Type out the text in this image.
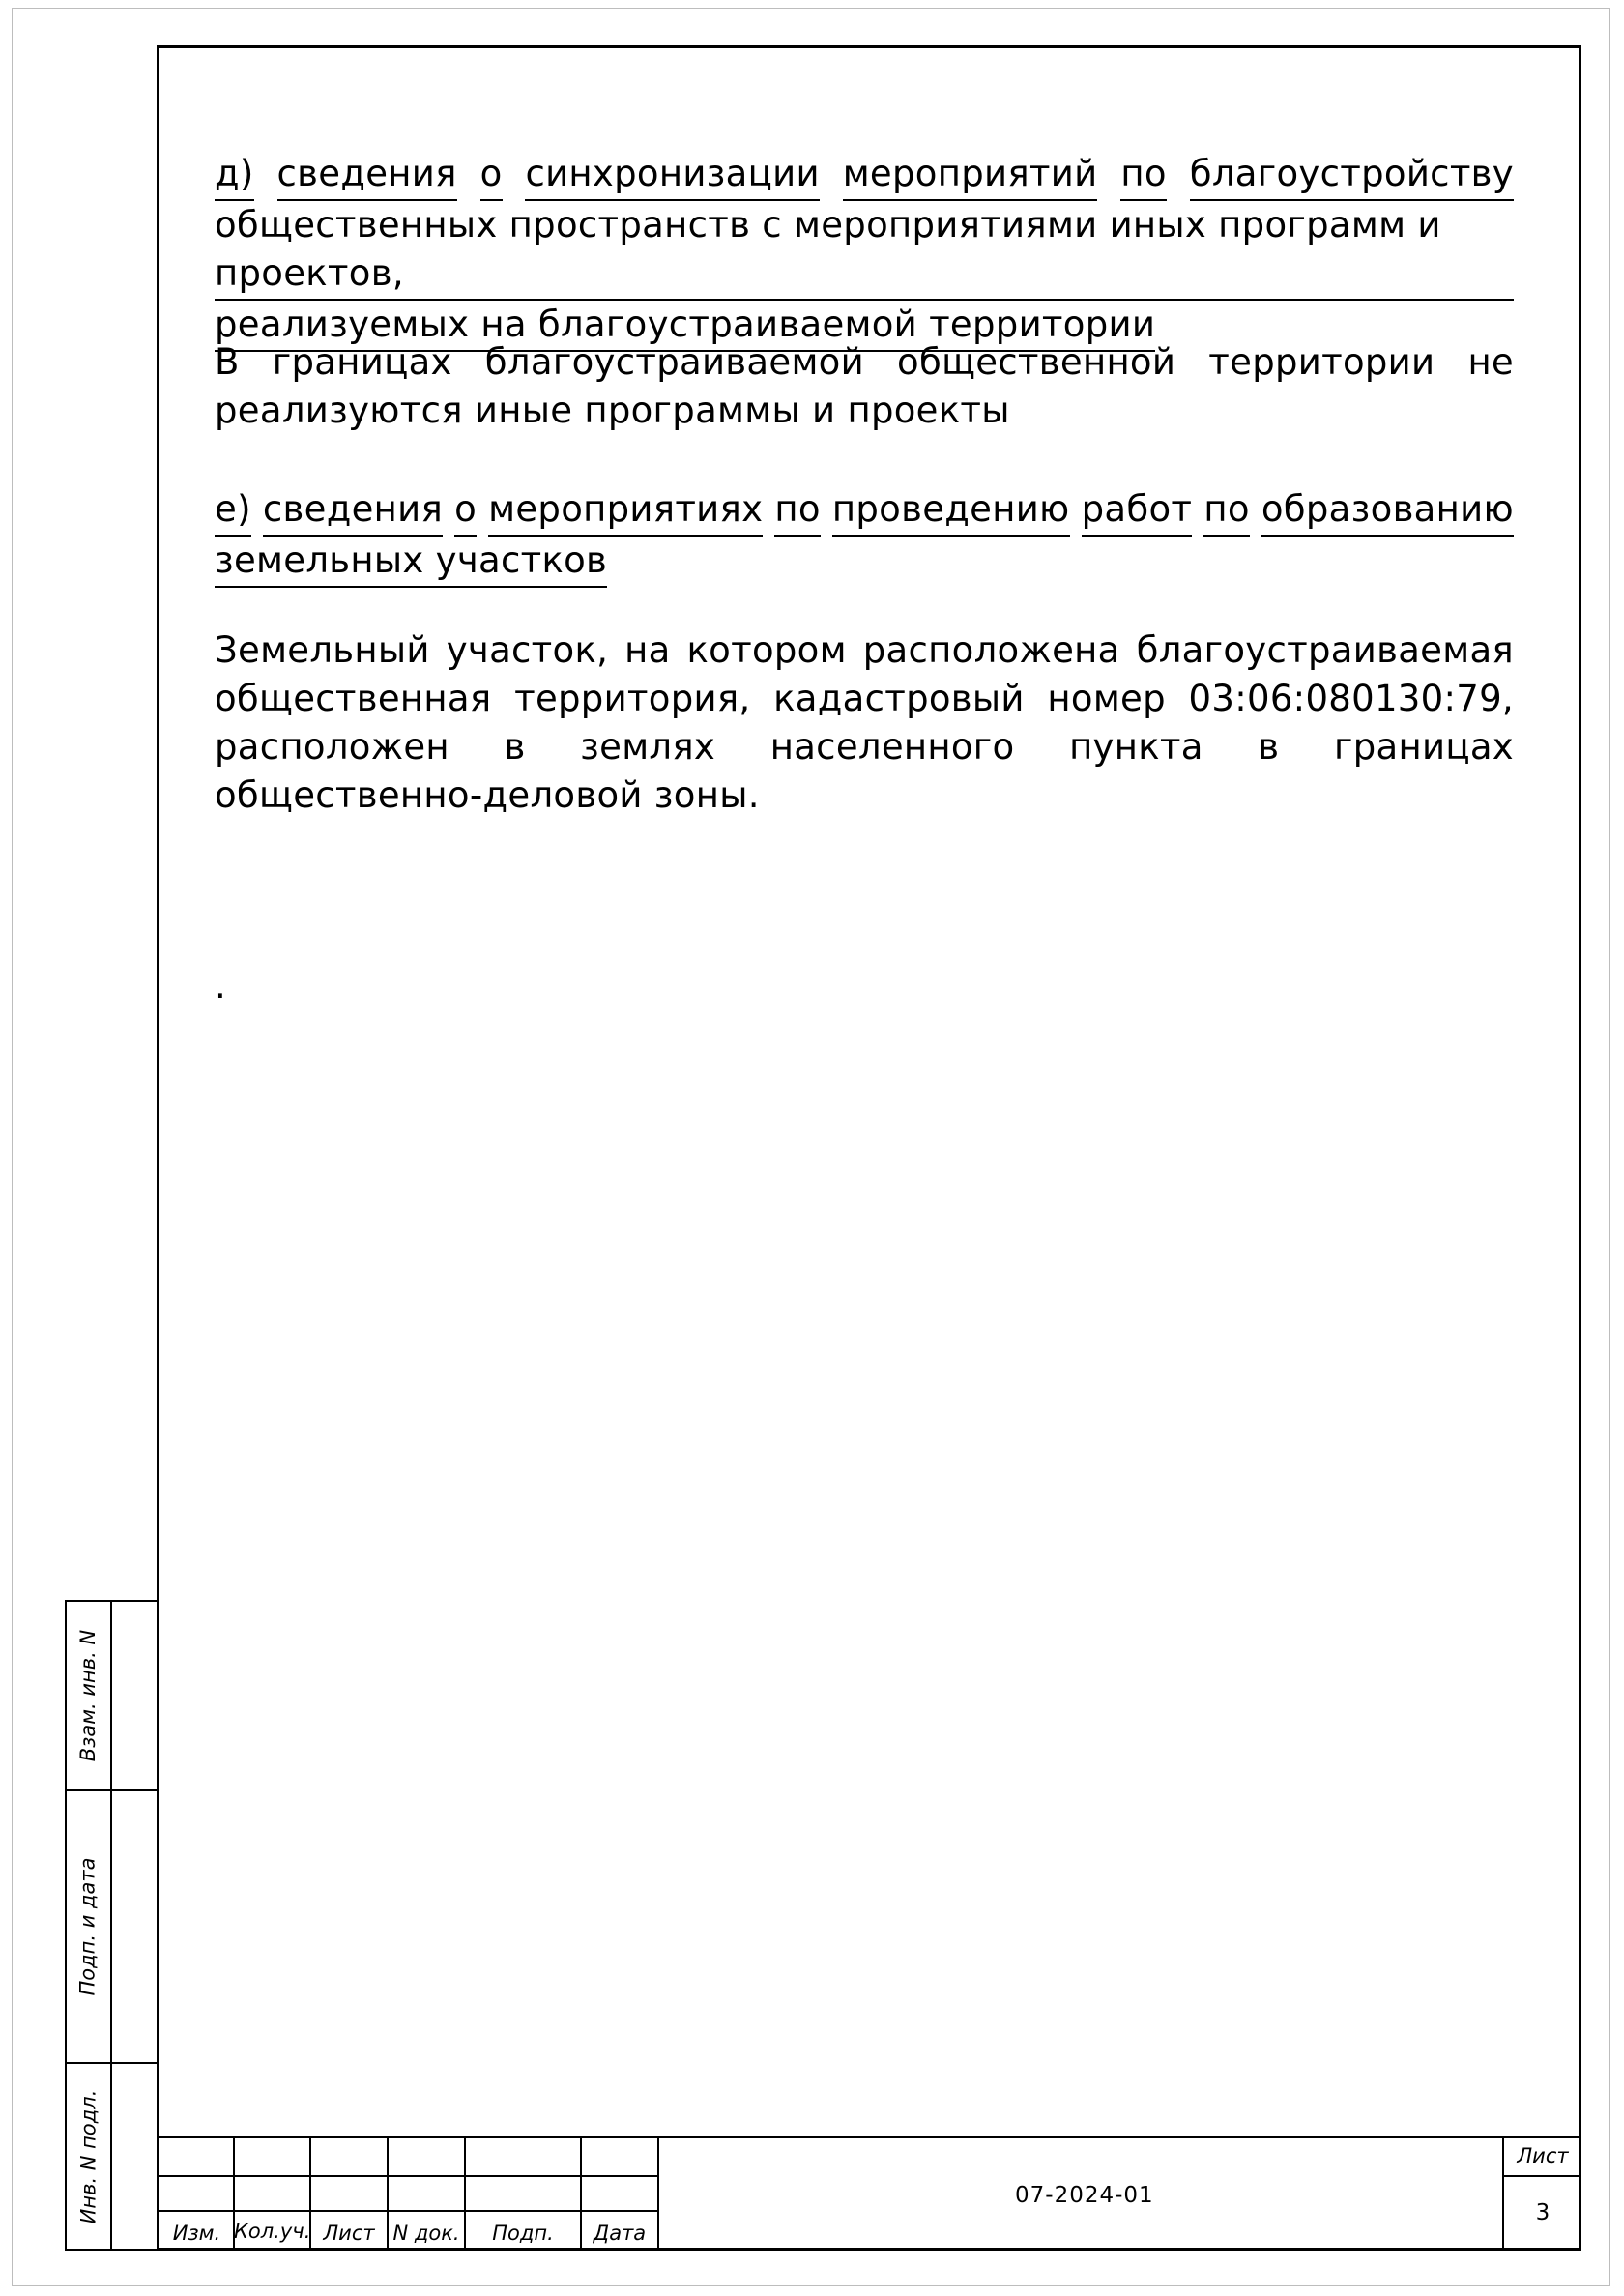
д) сведения о синхронизации мероприятий по благоустройству
общественных пространств с мероприятиями иных программ и проектов,
реализуемых на благоустраиваемой территории
В границах благоустраиваемой общественной территории не
реализуются иные программы и проекты
е) сведения о мероприятиях по проведению работ по образованию
земельных участков
Земельный участок, на котором расположена благоустраиваемая
общественная территория, кадастровый номер 03:06:080130:79,
расположен в землях населенного пункта в границах
общественно-деловой зоны.
.
Взам. инв. N
Подп. и дата
Инв. N подл.
Изм. Кол.уч. Лист N док.	Подп.	Дата
07-2024-01
Лист
3
